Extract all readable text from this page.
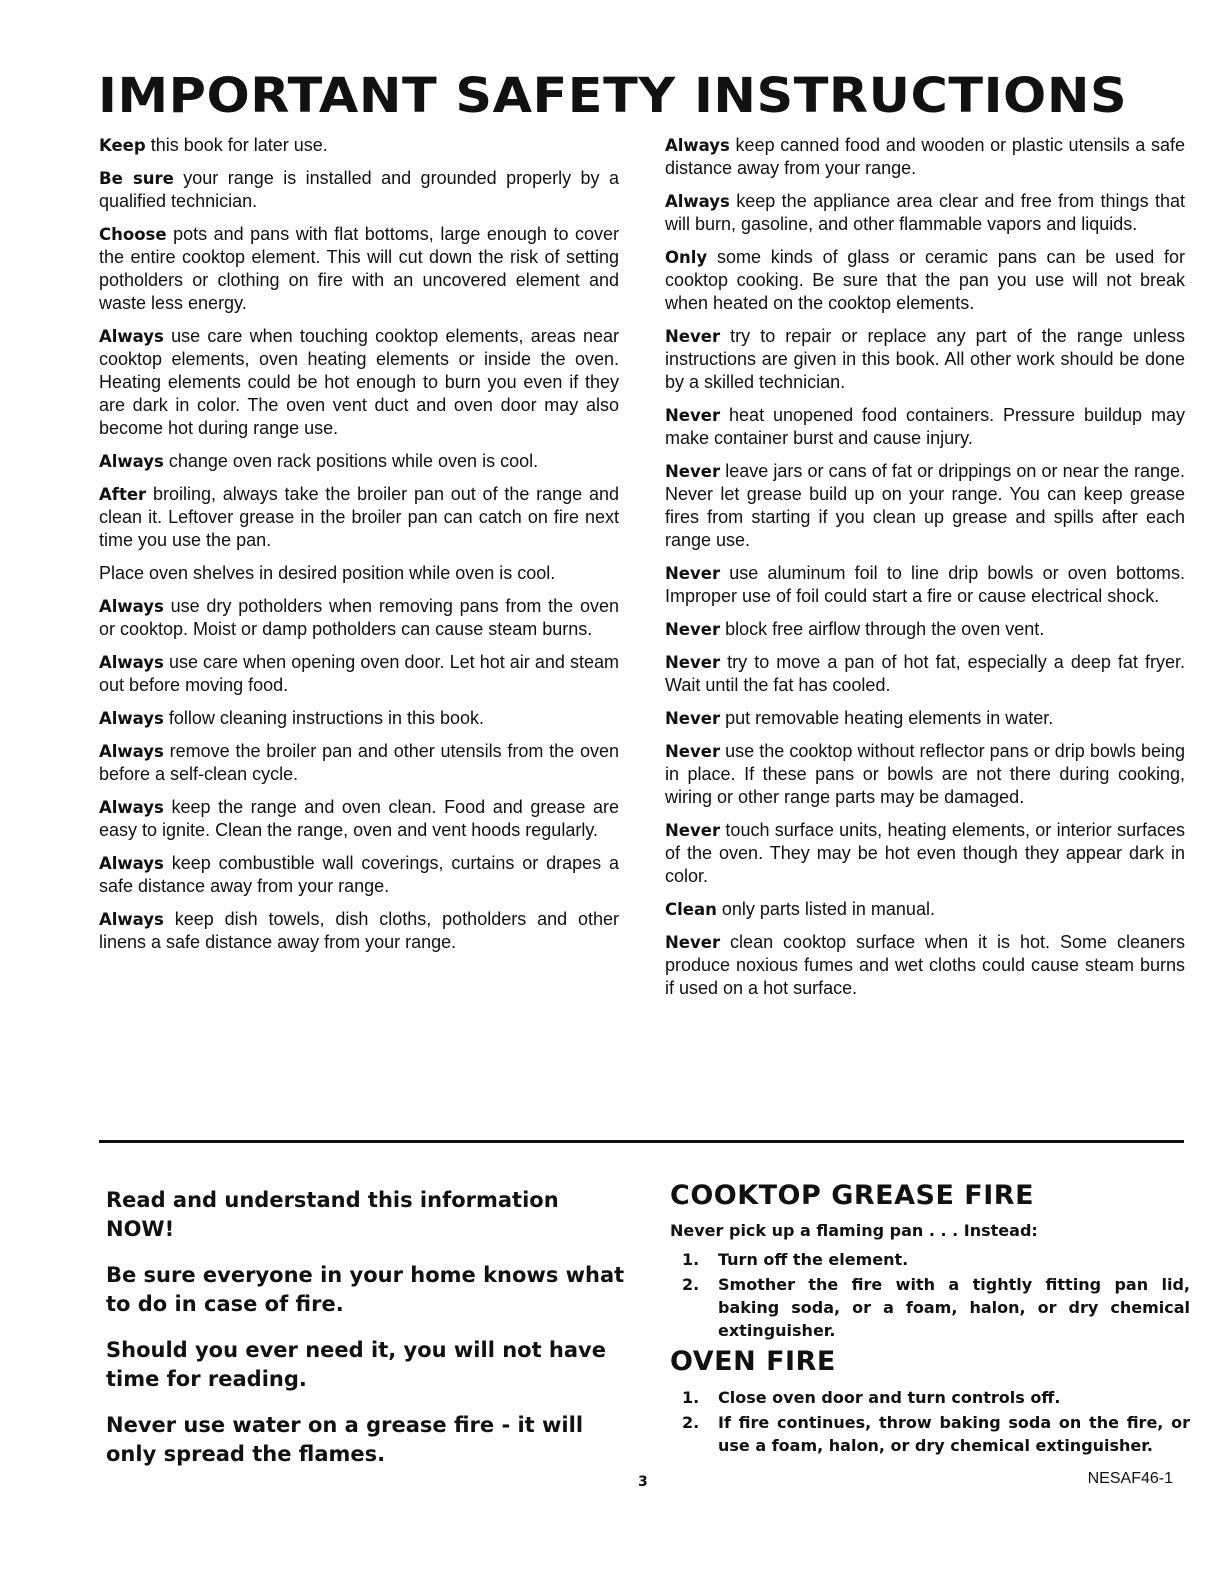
IMPORTANT SAFETY INSTRUCTIONS

Keep this book for later use.

Be sure your range is installed and grounded properly by a qualified technician.

Choose pots and pans with flat bottoms, large enough to cover the entire cooktop element. This will cut down the risk of setting potholders or clothing on fire with an uncovered element and waste less energy.

Always use care when touching cooktop elements, areas near cooktop elements, oven heating elements or inside the oven. Heating elements could be hot enough to burn you even if they are dark in color. The oven vent duct and oven door may also become hot during range use.

Always change oven rack positions while oven is cool.

After broiling, always take the broiler pan out of the range and clean it. Leftover grease in the broiler pan can catch on fire next time you use the pan.

Place oven shelves in desired position while oven is cool.

Always use dry potholders when removing pans from the oven or cooktop. Moist or damp potholders can cause steam burns.

Always use care when opening oven door. Let hot air and steam out before moving food.

Always follow cleaning instructions in this book.

Always remove the broiler pan and other utensils from the oven before a self-clean cycle.

Always keep the range and oven clean. Food and grease are easy to ignite. Clean the range, oven and vent hoods regularly.

Always keep combustible wall coverings, curtains or drapes a safe distance away from your range.

Always keep dish towels, dish cloths, potholders and other linens a safe distance away from your range.

Always keep canned food and wooden or plastic utensils a safe distance away from your range.

Always keep the appliance area clear and free from things that will burn, gasoline, and other flammable vapors and liquids.

Only some kinds of glass or ceramic pans can be used for cooktop cooking. Be sure that the pan you use will not break when heated on the cooktop elements.

Never try to repair or replace any part of the range unless instructions are given in this book. All other work should be done by a skilled technician.

Never heat unopened food containers. Pressure buildup may make container burst and cause injury.

Never leave jars or cans of fat or drippings on or near the range. Never let grease build up on your range. You can keep grease fires from starting if you clean up grease and spills after each range use.

Never use aluminum foil to line drip bowls or oven bottoms. Improper use of foil could start a fire or cause electrical shock.

Never block free airflow through the oven vent.

Never try to move a pan of hot fat, especially a deep fat fryer. Wait until the fat has cooled.

Never put removable heating elements in water.

Never use the cooktop without reflector pans or drip bowls being in place. If these pans or bowls are not there during cooking, wiring or other range parts may be damaged.

Never touch surface units, heating elements, or interior surfaces of the oven. They may be hot even though they appear dark in color.

Clean only parts listed in manual.

Never clean cooktop surface when it is hot. Some cleaners produce noxious fumes and wet cloths could cause steam burns if used on a hot surface.

Read and understand this information NOW!

Be sure everyone in your home knows what to do in case of fire.

Should you ever need it, you will not have time for reading.

Never use water on a grease fire - it will only spread the flames.

COOKTOP GREASE FIRE

Never pick up a flaming pan . . . Instead:

1. Turn off the element.
2. Smother the fire with a tightly fitting pan lid, baking soda, or a foam, halon, or dry chemical extinguisher.
OVEN FIRE
1. Close oven door and turn controls off.
2. If fire continues, throw baking soda on the fire, or use a foam, halon, or dry chemical extinguisher.
3	NESAF46-1
